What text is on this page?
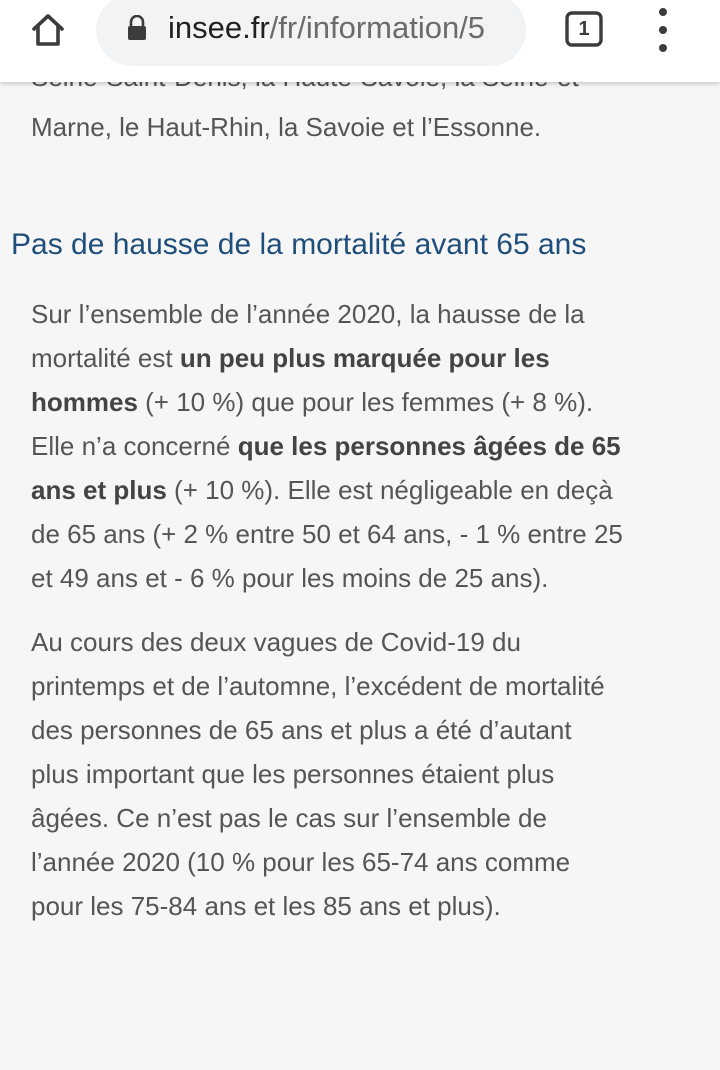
insee.fr/fr/information/5	1
Marne, le Haut-Rhin, la Savoie et l’Essonne.
Pas de hausse de la mortalité avant 65 ans
Sur l’ensemble de l’année 2020, la hausse de la
mortalité est un peu plus marquée pour les
hommes (+ 10 %) que pour les femmes (+ 8 %).
Elle n’a concerné que les personnes âgées de 65
ans et plus (+ 10 %). Elle est négligeable en deçà
de 65 ans (+ 2 % entre 50 et 64 ans, - 1 % entre 25
et 49 ans et - 6 % pour les moins de 25 ans).
Au cours des deux vagues de Covid-19 du
printemps et de l’automne, l’excédent de mortalité
des personnes de 65 ans et plus a été d’autant
plus important que les personnes étaient plus
âgées. Ce n’est pas le cas sur l’ensemble de
l’année 2020 (10 % pour les 65-74 ans comme
pour les 75-84 ans et les 85 ans et plus).
